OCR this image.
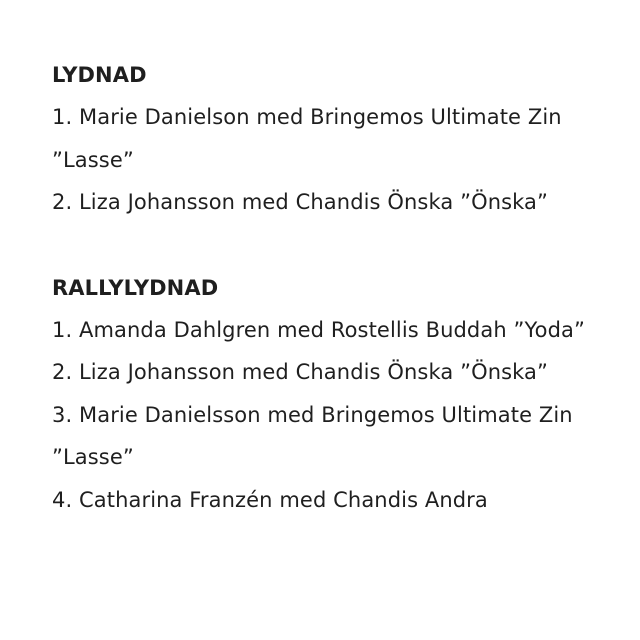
LYDNAD

1. Marie Danielson med Bringemos Ultimate Zin ”Lasse”

2. Liza Johansson med Chandis Önska ”Önska”

RALLYLYDNAD

1. Amanda Dahlgren med Rostellis Buddah ”Yoda”

2. Liza Johansson med Chandis Önska ”Önska”

3. Marie Danielsson med Bringemos Ultimate Zin ”Lasse”

4. Catharina Franzén med Chandis Andra
